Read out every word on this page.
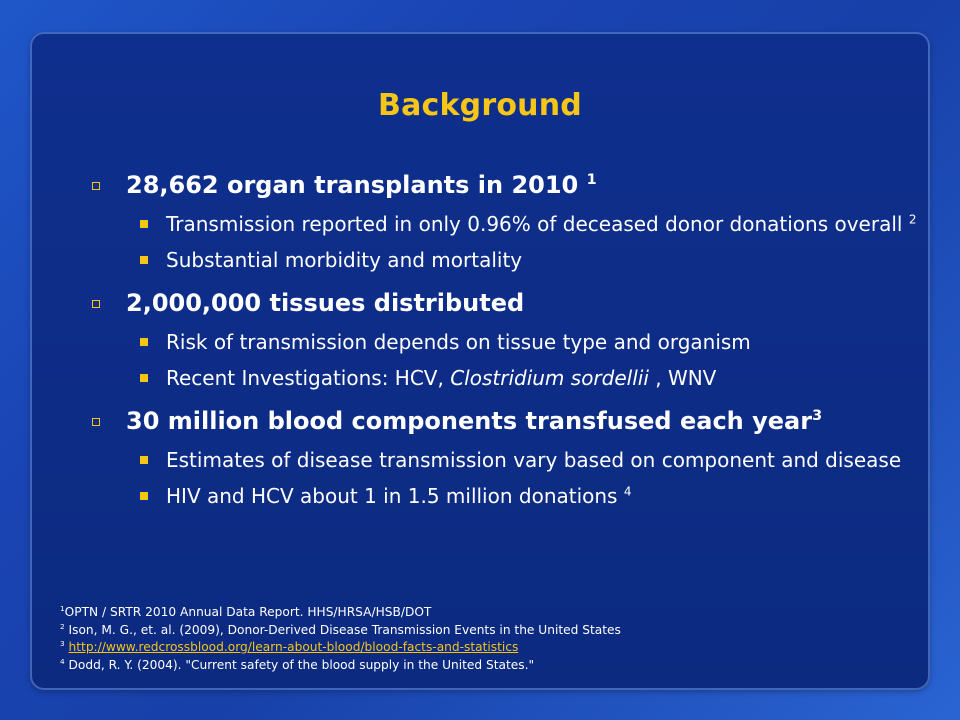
Background
28,662 organ transplants in 2010 $^1$
Transmission reported in only 0.96% of deceased donor donations overall $^2$
Substantial morbidity and mortality
2,000,000 tissues distributed
Risk of transmission depends on tissue type and organism
Recent Investigations: HCV, Clostridium sordellii , WNV
30 million blood components transfused each year$^3$
Estimates of disease transmission vary based on component and disease
HIV and HCV about 1 in 1.5 million donations $^4$
$^1$OPTN / SRTR 2010 Annual Data Report. HHS/HRSA/HSB/DOT
$^2$ Ison, M. G., et. al. (2009), Donor-Derived Disease Transmission Events in the United States
$^3$ http://www.redcrossblood.org/learn-about-blood/blood-facts-and-statistics
$^4$ Dodd, R. Y. (2004). "Current safety of the blood supply in the United States."
